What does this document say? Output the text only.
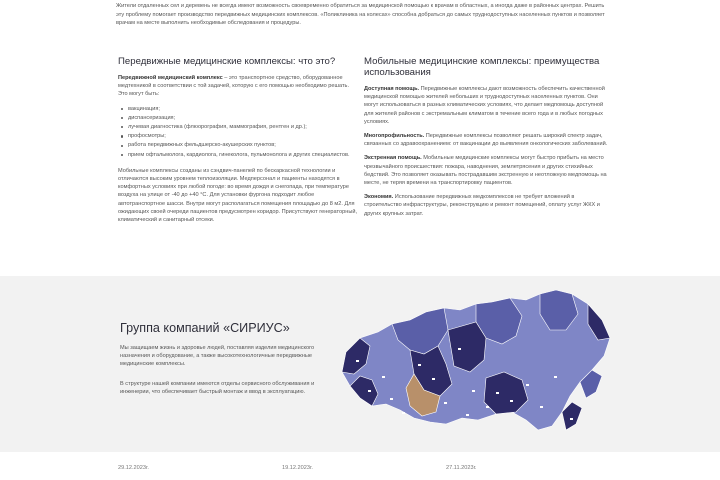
Жители отдаленных сел и деревень не всегда имеют возможность своевременно обратиться за медицинской помощью к врачам в областных, а иногда даже в районных центрах. Решить эту проблему помогает производство передвижных медицинских комплексов. «Поликлиника на колесах» способна добраться до самых труднодоступных населенных пунктов и позволяет врачам на месте выполнить необходимые обследования и процедуры.

Передвижные медицинские комплексы: что это?

Передвижной медицинский комплекс – это транспортное средство, оборудованное медтехникой в соответствии с той задачей, которую с его помощью необходимо решать. Это могут быть:

вакцинация;
диспансеризация;
лучевая диагностика (флюорография, маммография, рентген и др.);
профосмотры;
работа передвижных фельдшерско-акушерских пунктов;
прием офтальмолога, кардиолога, гинеколога, пульмонолога и других специалистов.

Мобильные комплексы созданы из сэндвич-панелей по бескаркасной технологии и отличаются высоким уровнем теплоизоляции. Медперсонал и пациенты находятся в комфортных условиях при любой погоде: во время дождя и снегопада, при температуре воздуха на улице от -40 до +40 °С. Для установки фургона подходит любое автотранспортное шасси. Внутри могут располагаться помещения площадью до 8 м2. Для ожидающих своей очереди пациентов предусмотрен коридор. Присутствуют генераторный, климатический и санитарный отсеки.

Мобильные медицинские комплексы: преимущества использования

Доступная помощь. Передвижные комплексы дают возможность обеспечить качественной медицинской помощью жителей небольших и труднодоступных населенных пунктов. Они могут использоваться в разных климатических условиях, что делает медпомощь доступной для жителей районов с экстремальным климатом в течение всего года и в любых погодных условиях.

Многопрофильность. Передвижные комплексы позволяют решать широкий спектр задач, связанных со здравоохранением: от вакцинации до выявления онкологических заболеваний.

Экстренная помощь. Мобильные медицинские комплексы могут быстро прибыть на место чрезвычайного происшествия: пожара, наводнения, землетрясения и других стихийных бедствий. Это позволяет оказывать пострадавшим экстренную и неотложную медпомощь на месте, не теряя времени на транспортировку пациентов.

Экономия. Использование передвижных медкомплексов не требует вложений в строительство инфраструктуры, реконструкцию и ремонт помещений, оплату услуг ЖКХ и других крупных затрат.

Группа компаний «СИРИУС»

Мы защищаем жизнь и здоровье людей, поставляя изделия медицинского назначения и оборудование, а также высокотехнологичные передвижные медицинские комплексы.

В структуре нашей компании имеются отделы сервисного обслуживания и инженерии, что обеспечивает быстрый монтаж и ввод в эксплуатацию.

29.12.2023г.	19.12.2023г.	27.11.2023г.
